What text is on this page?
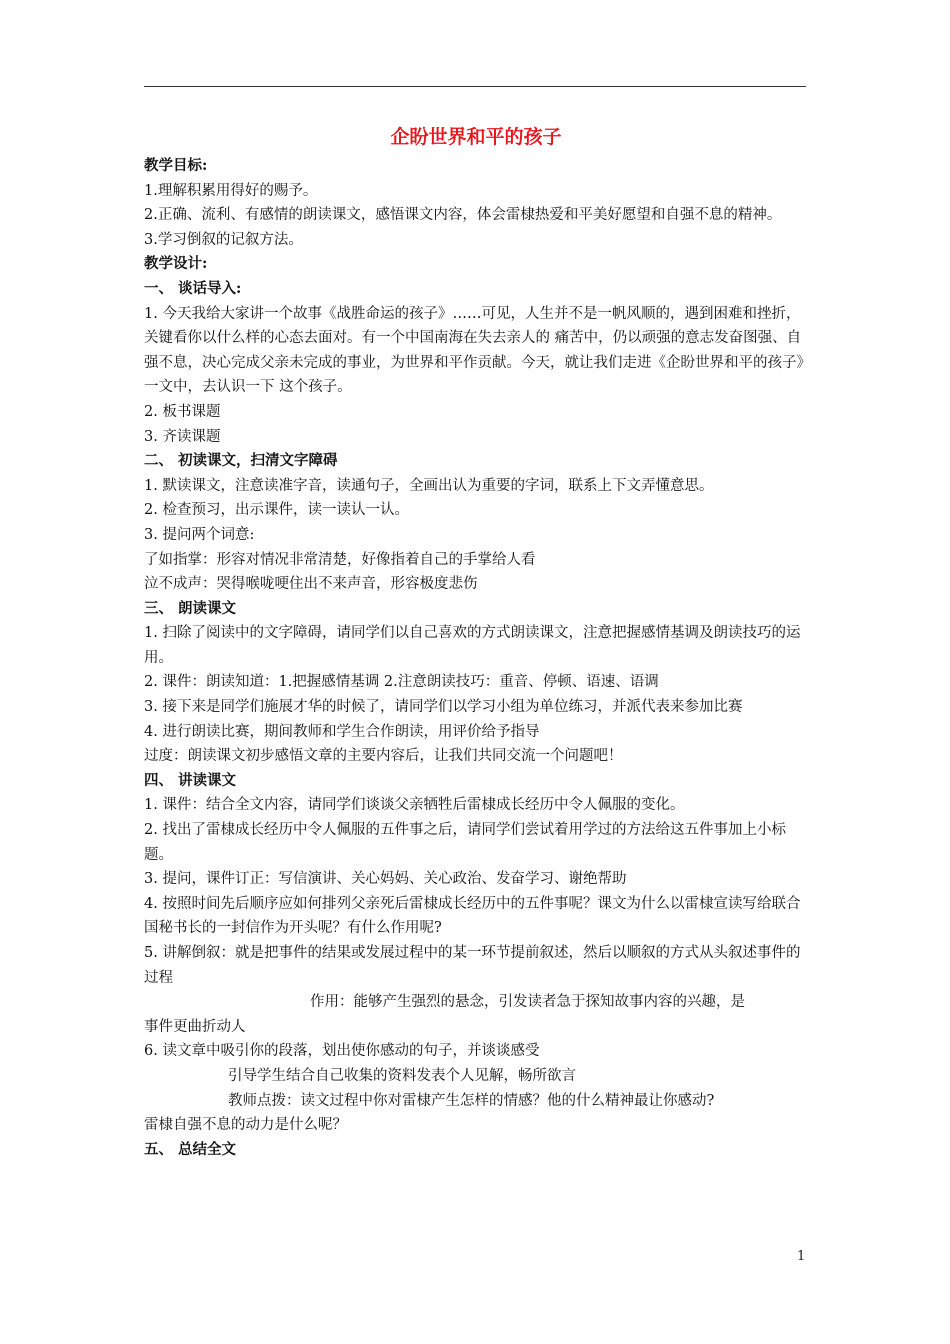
企盼世界和平的孩子
教学目标:
1.理解积累用得好的赐予。
2.正确、流利、有感情的朗读课文，感悟课文内容，体会雷棣热爱和平美好愿望和自强不息的精神。
3.学习倒叙的记叙方法。
教学设计:
一、 谈话导入:
1. 今天我给大家讲一个故事《战胜命运的孩子》……可见，人生并不是一帆风顺的，遇到困难和挫折，关键看你以什么样的心态去面对。有一个中国南海在失去亲人的 痛苦中，仍以顽强的意志发奋图强、自强不息，决心完成父亲未完成的事业，为世界和平作贡献。今天，就让我们走进《企盼世界和平的孩子》一文中，去认识一下 这个孩子。
2. 板书课题
3. 齐读课题
二、 初读课文，扫清文字障碍
1. 默读课文，注意读准字音，读通句子，全画出认为重要的字词，联系上下文弄懂意思。
2. 检查预习，出示课件，读一读认一认。
3. 提问两个词意:
了如指掌：形容对情况非常清楚，好像指着自己的手掌给人看
泣不成声：哭得喉咙哽住出不来声音，形容极度悲伤
三、 朗读课文
1. 扫除了阅读中的文字障碍，请同学们以自己喜欢的方式朗读课文，注意把握感情基调及朗读技巧的运用。
2. 课件：朗读知道：1.把握感情基调 2.注意朗读技巧：重音、停顿、语速、语调
3. 接下来是同学们施展才华的时候了，请同学们以学习小组为单位练习，并派代表来参加比赛
4. 进行朗读比赛，期间教师和学生合作朗读，用评价给予指导
过度：朗读课文初步感悟文章的主要内容后，让我们共同交流一个问题吧！
四、 讲读课文
1. 课件：结合全文内容，请同学们谈谈父亲牺牲后雷棣成长经历中令人佩服的变化。
2. 找出了雷棣成长经历中令人佩服的五件事之后，请同学们尝试着用学过的方法给这五件事加上小标题。
3. 提问，课件订正：写信演讲、关心妈妈、关心政治、发奋学习、谢绝帮助
4. 按照时间先后顺序应如何排列父亲死后雷棣成长经历中的五件事呢？课文为什么以雷棣宣读写给联合国秘书长的一封信作为开头呢？有什么作用呢?
5. 讲解倒叙：就是把事件的结果或发展过程中的某一环节提前叙述，然后以顺叙的方式从头叙述事件的过程
作用：能够产生强烈的悬念，引发读者急于探知故事内容的兴趣，是
事件更曲折动人
6. 读文章中吸引你的段落，划出使你感动的句子，并谈谈感受
引导学生结合自己收集的资料发表个人见解，畅所欲言
教师点拨：读文过程中你对雷棣产生怎样的情感？他的什么精神最让你感动?
雷棣自强不息的动力是什么呢？
五、 总结全文
1
